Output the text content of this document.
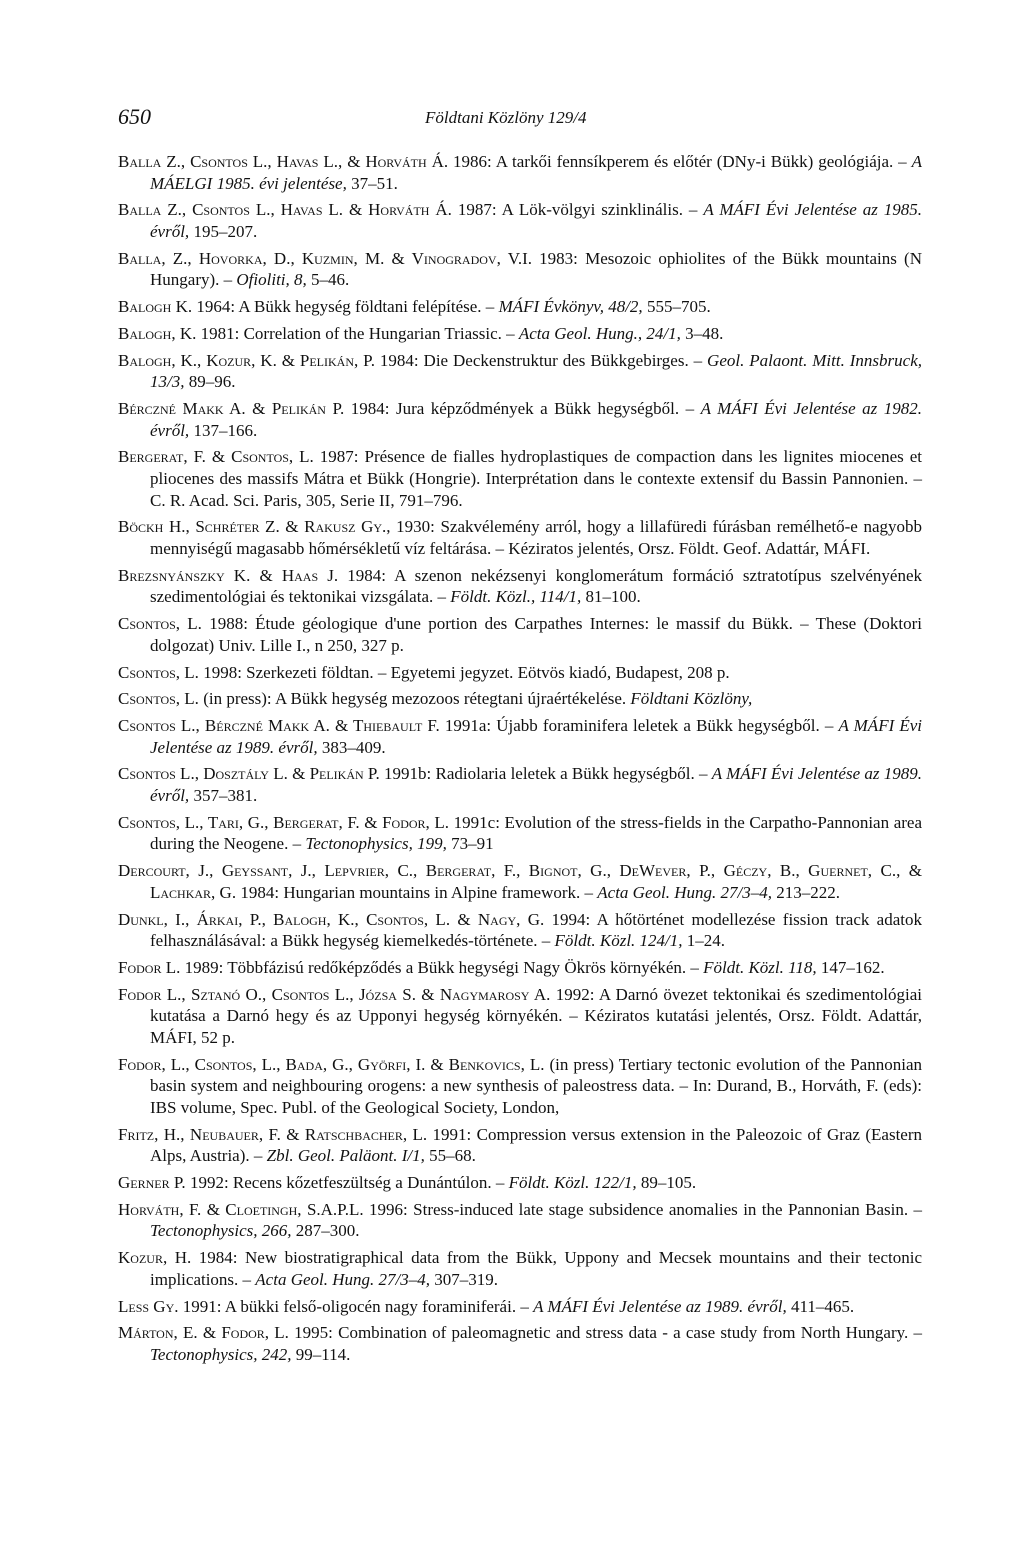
650	Földtani Közlöny 129/4

Balla Z., Csontos L., Havas L., & Horváth Á. 1986: A tarkői fennsíkperem és előtér (DNy-i Bükk) geológiája. – A MÁELGI 1985. évi jelentése, 37–51.

Balla Z., Csontos L., Havas L. & Horváth Á. 1987: A Lök-völgyi szinklinális. – A MÁFI Évi Jelentése az 1985. évről, 195–207.

Balla, Z., Hovorka, D., Kuzmin, M. & Vinogradov, V.I. 1983: Mesozoic ophiolites of the Bükk mountains (N Hungary). – Ofioliti, 8, 5–46.

Balogh K. 1964: A Bükk hegység földtani felépítése. – MÁFI Évkönyv, 48/2, 555–705.

Balogh, K. 1981: Correlation of the Hungarian Triassic. – Acta Geol. Hung., 24/1, 3–48.

Balogh, K., Kozur, K. & Pelikán, P. 1984: Die Deckenstruktur des Bükkgebirges. – Geol. Palaont. Mitt. Innsbruck, 13/3, 89–96.

Bérczné Makk A. & Pelikán P. 1984: Jura képződmények a Bükk hegységből. – A MÁFI Évi Jelentése az 1982. évről, 137–166.

Bergerat, F. & Csontos, L. 1987: Présence de fialles hydroplastiques de compaction dans les lignites miocenes et pliocenes des massifs Mátra et Bükk (Hongrie). Interprétation dans le contexte extensif du Bassin Pannonien. – C. R. Acad. Sci. Paris, 305, Serie II, 791–796.

Böckh H., Schréter Z. & Rakusz Gy., 1930: Szakvélemény arról, hogy a lillafüredi fúrásban remélhető-e nagyobb mennyiségű magasabb hőmérsékletű víz feltárása. – Kéziratos jelentés, Orsz. Földt. Geof. Adattár, MÁFI.

Brezsnyánszky K. & Haas J. 1984: A szenon nekézsenyi konglomerátum formáció sztratotípus szelvényének szedimentológiai és tektonikai vizsgálata. – Földt. Közl., 114/1, 81–100.

Csontos, L. 1988: Étude géologique d'une portion des Carpathes Internes: le massif du Bükk. – These (Doktori dolgozat) Univ. Lille I., n 250, 327 p.

Csontos, L. 1998: Szerkezeti földtan. – Egyetemi jegyzet. Eötvös kiadó, Budapest, 208 p.

Csontos, L. (in press): A Bükk hegység mezozoos rétegtani újraértékelése. Földtani Közlöny,

Csontos L., Bérczné Makk A. & Thiebault F. 1991a: Újabb foraminifera leletek a Bükk hegységből. – A MÁFI Évi Jelentése az 1989. évről, 383–409.

Csontos L., Dosztály L. & Pelikán P. 1991b: Radiolaria leletek a Bükk hegységből. – A MÁFI Évi Jelentése az 1989. évről, 357–381.

Csontos, L., Tari, G., Bergerat, F. & Fodor, L. 1991c: Evolution of the stress-fields in the Carpatho-Pannonian area during the Neogene. – Tectonophysics, 199, 73–91

Dercourt, J., Geyssant, J., Lepvrier, C., Bergerat, F., Bignot, G., DeWever, P., Géczy, B., Guernet, C., & Lachkar, G. 1984: Hungarian mountains in Alpine framework. – Acta Geol. Hung. 27/3–4, 213–222.

Dunkl, I., Árkai, P., Balogh, K., Csontos, L. & Nagy, G. 1994: A hőtörténet modellezése fission track adatok felhasználásával: a Bükk hegység kiemelkedés-története. – Földt. Közl. 124/1, 1–24.

Fodor L. 1989: Többfázisú redőképződés a Bükk hegységi Nagy Ökrös környékén. – Földt. Közl. 118, 147–162.

Fodor L., Sztanó O., Csontos L., Józsa S. & Nagymarosy A. 1992: A Darnó övezet tektonikai és szedimentológiai kutatása a Darnó hegy és az Upponyi hegység környékén. – Kéziratos kutatási jelentés, Orsz. Földt. Adattár, MÁFI, 52 p.

Fodor, L., Csontos, L., Bada, G., Györfi, I. & Benkovics, L. (in press) Tertiary tectonic evolution of the Pannonian basin system and neighbouring orogens: a new synthesis of paleostress data. – In: Durand, B., Horváth, F. (eds): IBS volume, Spec. Publ. of the Geological Society, London,

Fritz, H., Neubauer, F. & Ratschbacher, L. 1991: Compression versus extension in the Paleozoic of Graz (Eastern Alps, Austria). – Zbl. Geol. Paläont. I/1, 55–68.

Gerner P. 1992: Recens kőzetfeszültség a Dunántúlon. – Földt. Közl. 122/1, 89–105.

Horváth, F. & Cloetingh, S.A.P.L. 1996: Stress-induced late stage subsidence anomalies in the Pannonian Basin. – Tectonophysics, 266, 287–300.

Kozur, H. 1984: New biostratigraphical data from the Bükk, Uppony and Mecsek mountains and their tectonic implications. – Acta Geol. Hung. 27/3–4, 307–319.

Less Gy. 1991: A bükki felső-oligocén nagy foraminiferái. – A MÁFI Évi Jelentése az 1989. évről, 411–465.

Márton, E. & Fodor, L. 1995: Combination of paleomagnetic and stress data - a case study from North Hungary. – Tectonophysics, 242, 99–114.
